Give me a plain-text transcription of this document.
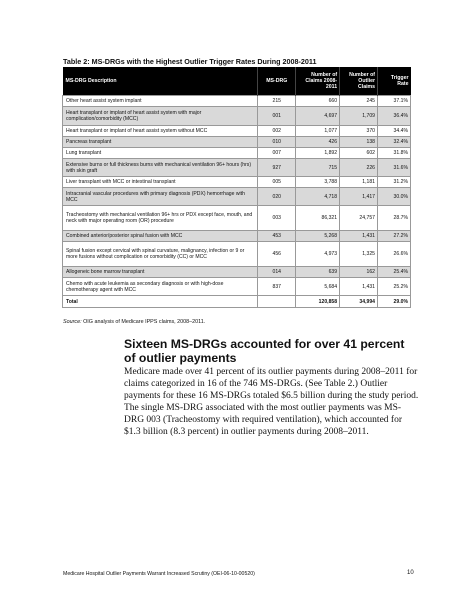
Table 2: MS-DRGs with the Highest Outlier Trigger Rates During 2008-2011
MS-DRG Description	MS-DRG	Number of Claims 2008-2011	Number of Outlier Claims	Trigger Rate
Other heart assist system implant	215	660	245	37.1%
Heart transplant or implant of heart assist system with major complication/comorbidity (MCC)	001	4,697	1,709	36.4%
Heart transplant or implant of heart assist system without MCC	002	1,077	370	34.4%
Pancreas transplant	010	426	138	32.4%
Lung transplant	007	1,892	602	31.8%
Extensive burns or full thickness burns with mechanical ventilation 96+ hours (hrs) with skin graft	927	715	226	31.6%
Liver transplant with MCC or intestinal transplant	005	3,788	1,181	31.2%
Intracranial vascular procedures with primary diagnosis (PDX) hemorrhage with MCC	020	4,718	1,417	30.0%
Tracheostomy with mechanical ventilation 96+ hrs or PDX except face, mouth, and neck with major operating room (OR) procedure	003	86,321	24,757	28.7%
Combined anterior/posterior spinal fusion with MCC	453	5,268	1,431	27.2%
Spinal fusion except cervical with spinal curvature, malignancy, infection or 9 or more fusions without complication or comorbidity (CC) or MCC	456	4,973	1,325	26.6%
Allogeneic bone marrow transplant	014	639	162	25.4%
Chemo with acute leukemia as secondary diagnosis or with high-dose chemotherapy agent with MCC	837	5,684	1,431	25.2%
Total		120,858	34,994	29.0%
Source: OIG analysis of Medicare IPPS claims, 2008–2011.
Sixteen MS-DRGs accounted for over 41 percent of outlier payments
Medicare made over 41 percent of its outlier payments during 2008–2011 for claims categorized in 16 of the 746 MS-DRGs. (See Table 2.) Outlier payments for these 16 MS-DRGs totaled $6.5 billion during the study period. The single MS-DRG associated with the most outlier payments was MS-DRG 003 (Tracheostomy with required ventilation), which accounted for $1.3 billion (8.3 percent) in outlier payments during 2008–2011.
Medicare Hospital Outlier Payments Warrant Increased Scrutiny (OEI-06-10-00520)	10
